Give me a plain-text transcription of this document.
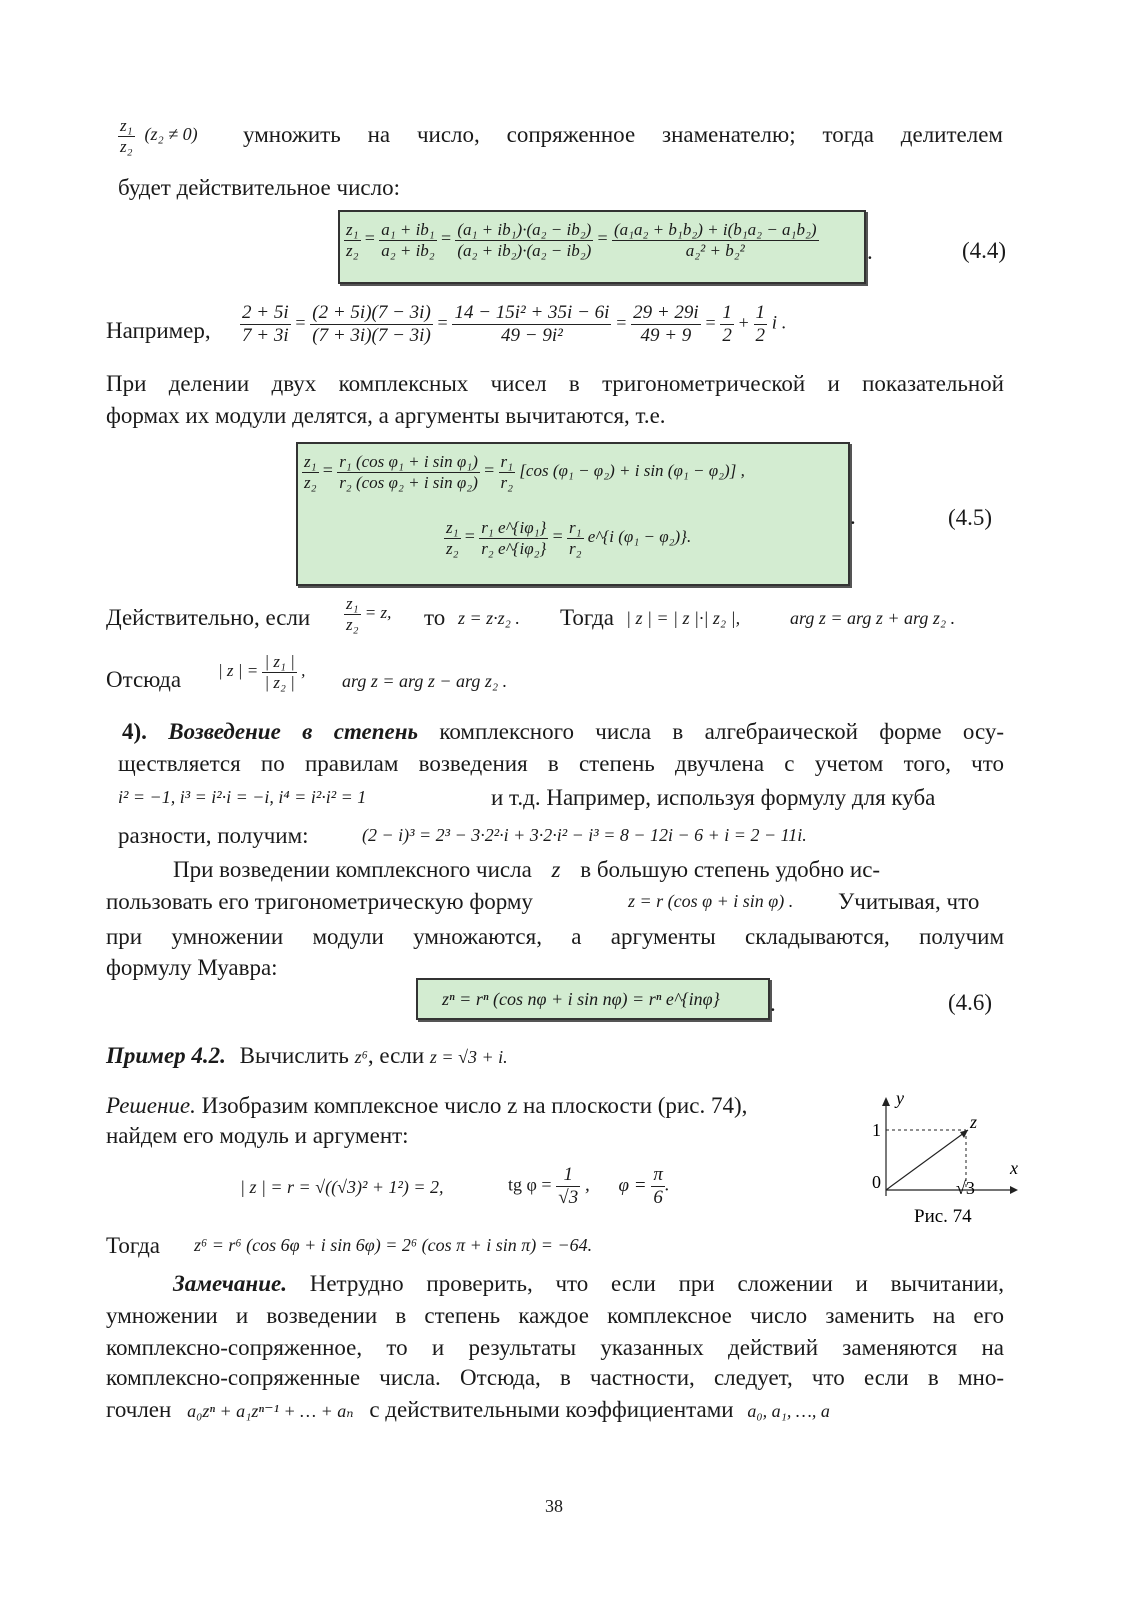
$\frac{\text{z₁}}{\text{z₂}} (z_2 \ne 0)$ умножить на число, сопряженное знаменателю; тогда делителем
будет действительное число:
$\frac{\text{z₁}}{\text{z₂}} = \frac{\text{a₁ + ib₁}}{\text{a₂ + ib₂}} = \frac{\text{(a₁ + ib₁)·(a₂ − ib₂)}}{\text{(a₂ + ib₂)·(a₂ − ib₂)}} = \frac{\text{(a₁a₂ + b₁b₂) + i(b₁a₂ − a₁b₂)}}{\text{a₂² + b₂²}}$ .	(4.4)
Например, $\frac{2 + 5i}{7 + 3i} = \frac{(2 + 5i)(7 - 3i)}{(7 + 3i)(7 - 3i)} = \frac{\text{14 − 15i² + 35i − 6i}}{\text{49 − 9i²}} = \frac{29 + 29i}{49 + 9} = \frac{1}{2} + \frac{1}{2}$ i .
При делении двух комплексных чисел в тригонометрической и показательной
формах их модули делятся, а аргументы вычитаются, т.е.
$\frac{\text{z₁}}{\text{z₂}} = \frac{\text{r₁ (cos φ₁ + i sin φ₁)}}{\text{r₂ (cos φ₂ + i sin φ₂)}} = \frac{\text{r₁}}{\text{r₂}} [\cos$ (φ₁ − φ₂) + i sin (φ₁ − φ₂)] ,
$\frac{\text{z₁}}{\text{z₂}} = \frac{\text{r₁ e\textasciicircum{}\{iφ₁\}}}{\text{r₂ e\textasciicircum{}\{iφ₂\}}} = \frac{\text{r₁}}{\text{r₂}}$ e^{i (φ₁ − φ₂)}.
.	(4.5)
Действительно, если $\frac{\text{z₁}}{\text{z₂}} = z$, то z = z·z₂ . Тогда | z | = | z |·| z₂ |,	arg z = arg z + arg z₂ .
Отсюда | z | = $\frac{\text{| z₁ |}}{\text{| z₂ |}}$ ,
arg z = arg z − arg z₂ .
4). Возведение в степень комплексного числа в алгебраической форме осу-
ществляется по правилам возведения в степень двучлена с учетом того, что
i² = −1, i³ = i²·i = −i, i⁴ = i²·i² = 1	и т.д. Например, используя формулу для куба
разности, получим:	(2 − i)³ = 2³ − 3·2²·i + 3·2·i² − i³ = 8 − 12i − 6 + i = 2 − 11i.
При возведении комплексного числа z в большую степень удобно ис-
пользовать его тригонометрическую форму	z = r (cos φ + i sin φ) . Учитывая, что
при умножении модули умножаются, а аргументы складываются, получим
формулу Муавра:
zⁿ = rⁿ (cos nφ + i sin nφ) = rⁿ e^{inφ} .	(4.6)
Пример 4.2. Вычислить z⁶, если z = √3 + i.
Решение. Изобразим комплексное число z на плоскости (рис. 74),
найдем его модуль и аргумент:
| z | = r = √((√3)² + 1²) = 2,	tg $\varphi = \frac{1}{√3}$ , $\varphi = \frac{\pi}{6}$ .
y
x
z
1
0	√3
Рис. 74
Тогда z⁶ = r⁶ (cos 6φ + i sin 6φ) = 2⁶ (cos π + i sin π) = −64.
Замечание. Нетрудно проверить, что если при сложении и вычитании,
умножении и возведении в степень каждое комплексное число заменить на его
комплексно-сопряженное, то и результаты указанных действий заменяются на
комплексно-сопряженные числа. Отсюда, в частности, следует, что если в мно-
гочлен a₀zⁿ + a₁zⁿ⁻¹ + … + aₙ с действительными коэффициентами a₀, a₁, …, a
38
